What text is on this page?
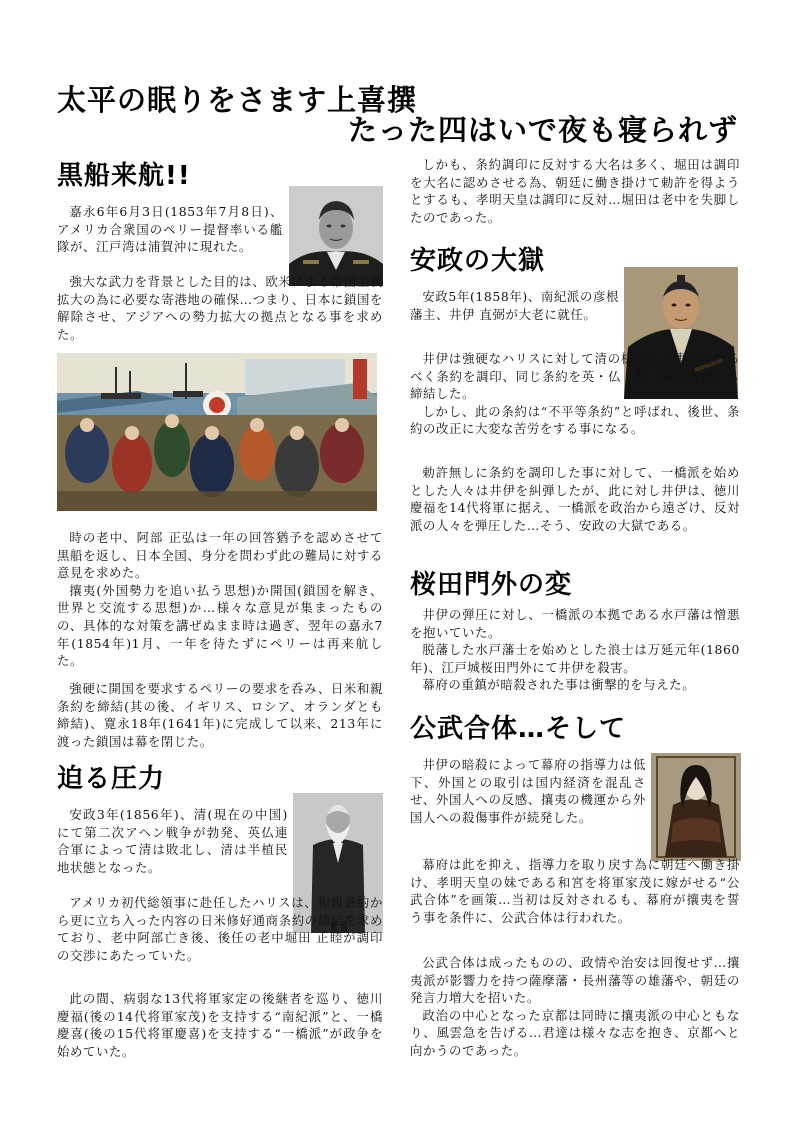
太平の眠りをさます上喜撰
たった四はいで夜も寝られず
黒船来航!!

嘉永6年6月3日(1853年7月8日)、アメリカ合衆国のペリー提督率いる艦隊が、江戸湾は浦賀沖に現れた。

強大な武力を背景とした目的は、欧米による帝国主義拡大の為に必要な寄港地の確保…つまり、日本に鎖国を解除させ、アジアへの勢力拡大の拠点となる事を求めた。

時の老中、阿部 正弘は一年の回答猶予を認めさせて黒船を返し、日本全国、身分を問わず此の難局に対する意見を求めた。

攘夷(外国勢力を追い払う思想)か開国(鎖国を解き、世界と交流する思想)か…様々な意見が集まったものの、具体的な対策を講ぜぬまま時は過ぎ、翌年の嘉永7年(1854年)1月、一年を待たずにペリーは再来航した。

強硬に開国を要求するペリーの要求を呑み、日米和親条約を締結(其の後、イギリス、ロシア、オランダとも締結)、寛永18年(1641年)に完成して以来、213年に渡った鎖国は幕を閉じた。

迫る圧力

安政3年(1856年)、清(現在の中国)にて第二次アヘン戦争が勃発、英仏連合軍によって清は敗北し、清は半植民地状態となった。

アメリカ初代総領事に赴任したハリスは、和親条約から更に立ち入った内容の日米修好通商条約の締結を求めており、老中阿部亡き後、後任の老中堀田 正睦が調印の交渉にあたっていた。

此の間、病弱な13代将軍家定の後継者を巡り、徳川 慶福(後の14代将軍家茂)を支持する“南紀派”と、一橋 慶喜(後の15代将軍慶喜)を支持する“一橋派”が政争を始めていた。

しかも、条約調印に反対する大名は多く、堀田は調印を大名に認めさせる為、朝廷に働き掛けて勅許を得ようとするも、孝明天皇は調印に反対…堀田は老中を失脚したのであった。

安政の大獄

安政5年(1858年)、南紀派の彦根藩主、井伊 直弼が大老に就任。

井伊は強硬なハリスに対して清の様になる事を避けるべく条約を調印、同じ条約を英・仏・蘭・露の各国とも締結した。

しかし、此の条約は“不平等条約”と呼ばれ、後世、条約の改正に大変な苦労をする事になる。

勅許無しに条約を調印した事に対して、一橋派を始めとした人々は井伊を糾弾したが、此に対し井伊は、徳川 慶福を14代将軍に据え、一橋派を政治から遠ざけ、反対派の人々を弾圧した…そう、安政の大獄である。

桜田門外の変

井伊の弾圧に対し、一橋派の本拠である水戸藩は憎悪を抱いていた。

脱藩した水戸藩士を始めとした浪士は万延元年(1860年)、江戸城桜田門外にて井伊を殺害。

幕府の重鎮が暗殺された事は衝撃的を与えた。

公武合体…そして

井伊の暗殺によって幕府の指導力は低下、外国との取引は国内経済を混乱させ、外国人への反感、攘夷の機運から外国人への殺傷事件が続発した。

幕府は此を抑え、指導力を取り戻す為に朝廷へ働き掛け、孝明天皇の妹である和宮を将軍家茂に嫁がせる“公武合体”を画策…当初は反対されるも、幕府が攘夷を誓う事を条件に、公武合体は行われた。

公武合体は成ったものの、政情や治安は回復せず…攘夷派が影響力を持つ薩摩藩・長州藩等の雄藩や、朝廷の発言力増大を招いた。

政治の中心となった京都は同時に攘夷派の中心ともなり、風雲急を告げる…君達は様々な志を抱き、京都へと向かうのであった。
